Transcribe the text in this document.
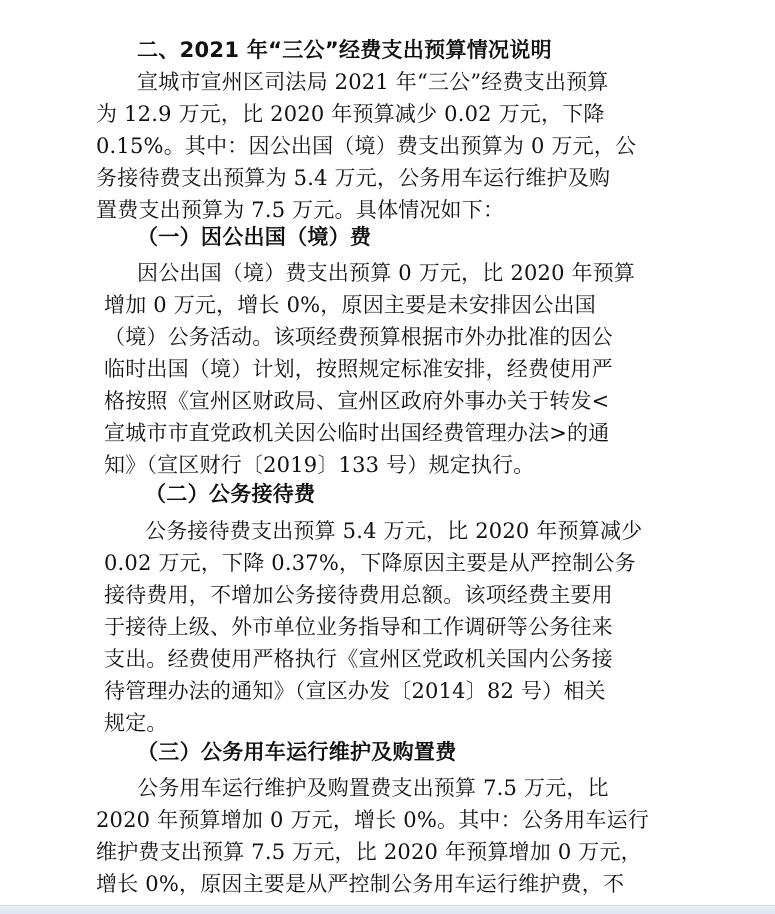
二、2021 年“三公”经费支出预算情况说明
宣城市宣州区司法局 2021 年“三公”经费支出预算
为 12.9 万元，比 2020 年预算减少 0.02 万元，下降
0.15%。其中：因公出国（境）费支出预算为 0 万元，公
务接待费支出预算为 5.4 万元，公务用车运行维护及购
置费支出预算为 7.5 万元。具体情况如下：
（一）因公出国（境）费
因公出国（境）费支出预算 0 万元，比 2020 年预算
增加 0 万元，增长 0%，原因主要是未安排因公出国
（境）公务活动。该项经费预算根据市外办批准的因公
临时出国（境）计划，按照规定标准安排，经费使用严
格按照《宣州区财政局、宣州区政府外事办关于转发<
宣城市市直党政机关因公临时出国经费管理办法>的通
知》（宣区财行〔2019〕133 号）规定执行。
（二）公务接待费
公务接待费支出预算 5.4 万元，比 2020 年预算减少
0.02 万元，下降 0.37%，下降原因主要是从严控制公务
接待费用，不增加公务接待费用总额。该项经费主要用
于接待上级、外市单位业务指导和工作调研等公务往来
支出。经费使用严格执行《宣州区党政机关国内公务接
待管理办法的通知》（宣区办发〔2014〕82 号）相关
规定。
（三）公务用车运行维护及购置费
公务用车运行维护及购置费支出预算 7.5 万元，比
2020 年预算增加 0 万元，增长 0%。其中：公务用车运行
维护费支出预算 7.5 万元，比 2020 年预算增加 0 万元，
增长 0%，原因主要是从严控制公务用车运行维护费，不
